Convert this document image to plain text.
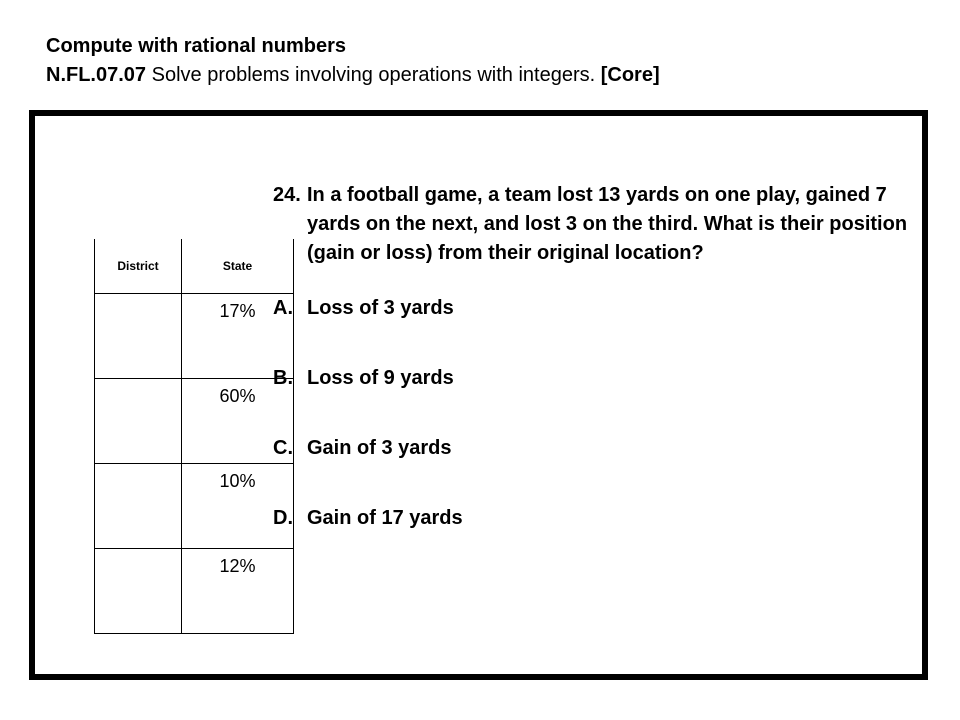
Compute with rational numbers
N.FL.07.07 Solve problems involving operations with integers. [Core]
District	State

	17%

	60%

	10%

	12%
24. In a football game, a team lost 13 yards on one play, gained 7 yards on the next, and lost 3 on the third. What is their position (gain or loss) from their original location?
A. Loss of 3 yards
B. Loss of 9 yards
C. Gain of 3 yards
D. Gain of 17 yards
